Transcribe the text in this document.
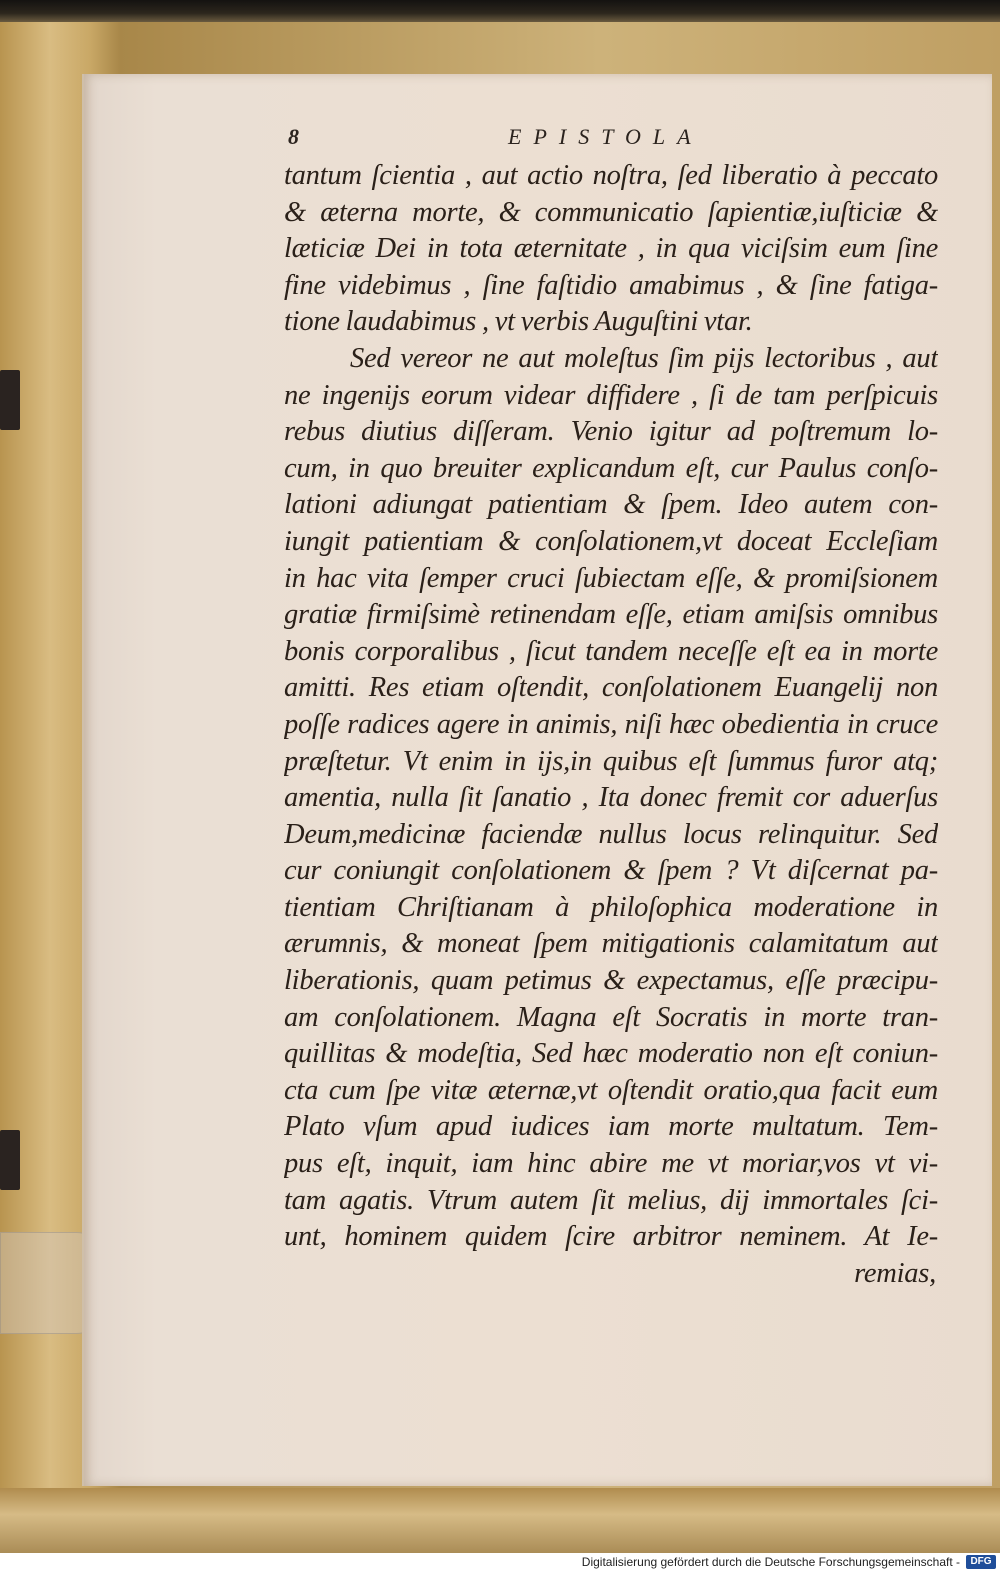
8	EPISTOLA
tantum ſcientia , aut actio noſtra, ſed liberatio à peccato
& æterna morte, & communicatio ſapientiæ,iuſticiæ &
læticiæ Dei in tota æternitate , in qua viciſsim eum ſine
fine videbimus , ſine faſtidio amabimus , & ſine fatiga-
tione laudabimus , vt verbis Auguſtini vtar.
Sed vereor ne aut moleſtus ſim pijs lectoribus , aut
ne ingenijs eorum videar diffidere , ſi de tam perſpicuis
rebus diutius diſſeram. Venio igitur ad poſtremum lo-
cum, in quo breuiter explicandum eſt, cur Paulus conſo-
lationi adiungat patientiam & ſpem. Ideo autem con-
iungit patientiam & conſolationem,vt doceat Eccleſiam
in hac vita ſemper cruci ſubiectam eſſe, & promiſsionem
gratiæ firmiſsimè retinendam eſſe, etiam amiſsis omnibus
bonis corporalibus , ſicut tandem neceſſe eſt ea in morte
amitti. Res etiam oſtendit, conſolationem Euangelij non
poſſe radices agere in animis, niſi hæc obedientia in cruce
præſtetur. Vt enim in ijs,in quibus eſt ſummus furor atq;
amentia, nulla ſit ſanatio , Ita donec fremit cor aduerſus
Deum,medicinæ faciendæ nullus locus relinquitur. Sed
cur coniungit conſolationem & ſpem ? Vt diſcernat pa-
tientiam Chriſtianam à philoſophica moderatione in
ærumnis, & moneat ſpem mitigationis calamitatum aut
liberationis, quam petimus & expectamus, eſſe præcipu-
am conſolationem. Magna eſt Socratis in morte tran-
quillitas & modeſtia, Sed hæc moderatio non eſt coniun-
cta cum ſpe vitæ æternæ,vt oſtendit oratio,qua facit eum
Plato vſum apud iudices iam morte multatum. Tem-
pus eſt, inquit, iam hinc abire me vt moriar,vos vt vi-
tam agatis. Vtrum autem ſit melius, dij immortales ſci-
unt, hominem quidem ſcire arbitror neminem. At Ie-
remias,
Digitalisierung gefördert durch die Deutsche Forschungsgemeinschaft -	DFG
